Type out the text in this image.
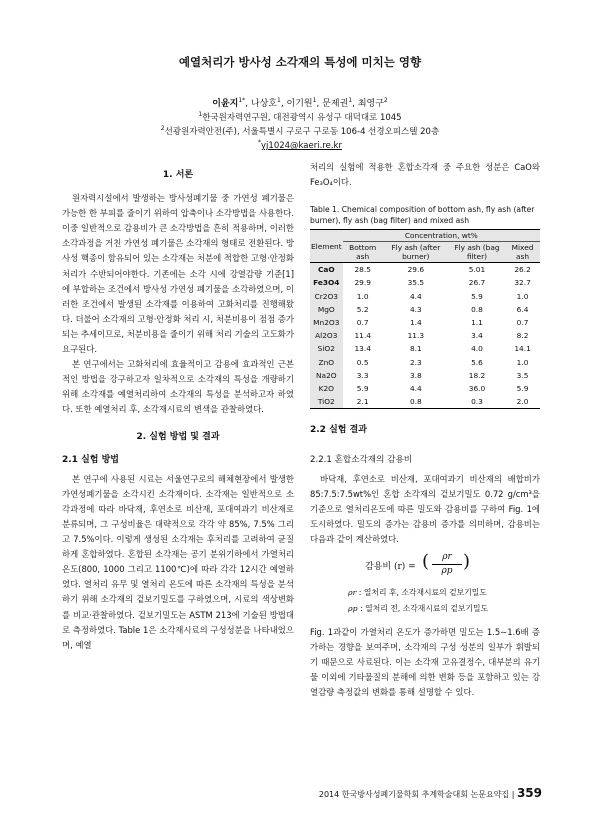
예열처리가 방사성 소각재의 특성에 미치는 영향
이윤지$^{1*}$, 나상호$^1$, 이기원$^1$, 문제권$^1$, 최영구$^2$
$^1$한국원자력연구원, 대전광역시 유성구 대덕대로 1045
$^2$선광원자력안전(주), 서울특별시 구로구 구로동 106-4 선경오피스텔 20층
*yj1024@kaeri.re.kr
1. 서론

원자력시설에서 발생하는 방사성폐기물 중 가연성 폐기물은 가능한 한 부피를 줄이기 위하여 압축이나 소각방법을 사용한다. 이중 일반적으로 감용비가 큰 소각방법을 흔히 적용하며, 이러한 소각과정을 거친 가연성 폐기물은 소각재의 형태로 전환된다. 방사성 핵종이 함유되어 있는 소각재는 처분에 적합한 고형·안정화처리가 수반되어야한다. 기존에는 소각 시에 강열감량 기준[1]에 부합하는 조건에서 방사성 가연성 폐기물을 소각하였으며, 이러한 조건에서 발생된 소각재를 이용하여 고화처리를 진행해왔다. 더불어 소각재의 고형·안정화 처리 시, 처분비용이 점점 증가되는 추세이므로, 처분비용을 줄이기 위해 처리 기술의 고도화가 요구된다.

본 연구에서는 고화처리에 효율적이고 감용에 효과적인 근본적인 방법을 강구하고자 일차적으로 소각재의 특성을 개량하기 위해 소각재를 예열처리하여 소각재의 특성을 분석하고자 하였다. 또한 예열처리 후, 소각재시료의 변색을 관찰하였다.

2. 실험 방법 및 결과
2.1 실험 방법

본 연구에 사용된 시료는 서울연구로의 해체현장에서 발생한 가연성폐기물을 소각시킨 소각재이다. 소각재는 일반적으로 소각과정에 따라 바닥재, 후연소로 비산재, 포대여과기 비산재로 분류되며, 그 구성비율은 대략적으로 각각 약 85%, 7.5% 그리고 7.5%이다. 이렇게 생성된 소각재는 후처리를 고려하여 균질하게 혼합하였다. 혼합된 소각재는 공기 분위기하에서 가열처리 온도(800, 1000 그리고 1100℃)에 따라 각각 12시간 예열하였다. 열처리 유무 및 열처리 온도에 따른 소각재의 특성을 분석하기 위해 소각재의 겉보기밀도를 구하였으며, 시료의 색상변화를 비교·관찰하였다. 겉보기밀도는 ASTM 213에 기술된 방법대로 측정하였다. Table 1은 소각재시료의 구성성분을 나타내었으며, 예열

처리의 실험에 적용한 혼합소각재 중 주요한 성분은 CaO와 Fe₃O₄이다.

Table 1. Chemical composition of bottom ash, fly ash (after burner), fly ash (bag filter) and mixed ash
Element	Concentration, wt%			
	Bottom ash	Fly ash (after burner)	Fly ash (bag filter)	Mixed ash
CaO	28.5	29.6	5.01	26.2
Fe3O4	29.9	35.5	26.7	32.7
Cr2O3	1.0	4.4	5.9	1.0
MgO	5.2	4.3	0.8	6.4
Mn2O3	0.7	1.4	1.1	0.7
Al2O3	11.4	11.3	3.4	8.2
SiO2	13.4	8.1	4.0	14.1
ZnO	0.5	2.3	5.6	1.0
Na2O	3.3	3.8	18.2	3.5
K2O	5.9	4.4	36.0	5.9
TiO2	2.1	0.8	0.3	2.0
2.2 실험 결과
2.2.1 혼합소각재의 감용비

바닥재, 후연소로 비산재, 포대여과기 비산재의 배합비가 85:7.5:7.5wt%인 혼합 소각재의 겉보기밀도 0.72 g/cm³을 기준으로 열처리온도에 따른 밀도와 감용비를 구하여 Fig. 1에 도시하였다. 밀도의 증가는 감용비 증가를 의미하며, 감용비는 다음과 같이 계산하였다.

감용비 (r) = ( $\frac{\rho r}{\rho p}$ )
ρr : 열처리 후, 소각재시료의 겉보기밀도
ρp : 열처리 전, 소각재시료의 겉보기밀도

Fig. 1과같이 가열처리 온도가 증가하면 밀도는 1.5∼1.6배 증가하는 경향을 보여주며, 소각재의 구성 성분의 일부가 휘발되기 때문으로 사료된다. 이는 소각재 고유결정수, 대부분의 유기물 이외에 기타물질의 분해에 의한 변화 등을 포함하고 있는 강열감량 측정값의 변화를 통해 설명할 수 있다.

2014 한국방사성폐기물학회 추계학술대회 논문요약집 | 359
